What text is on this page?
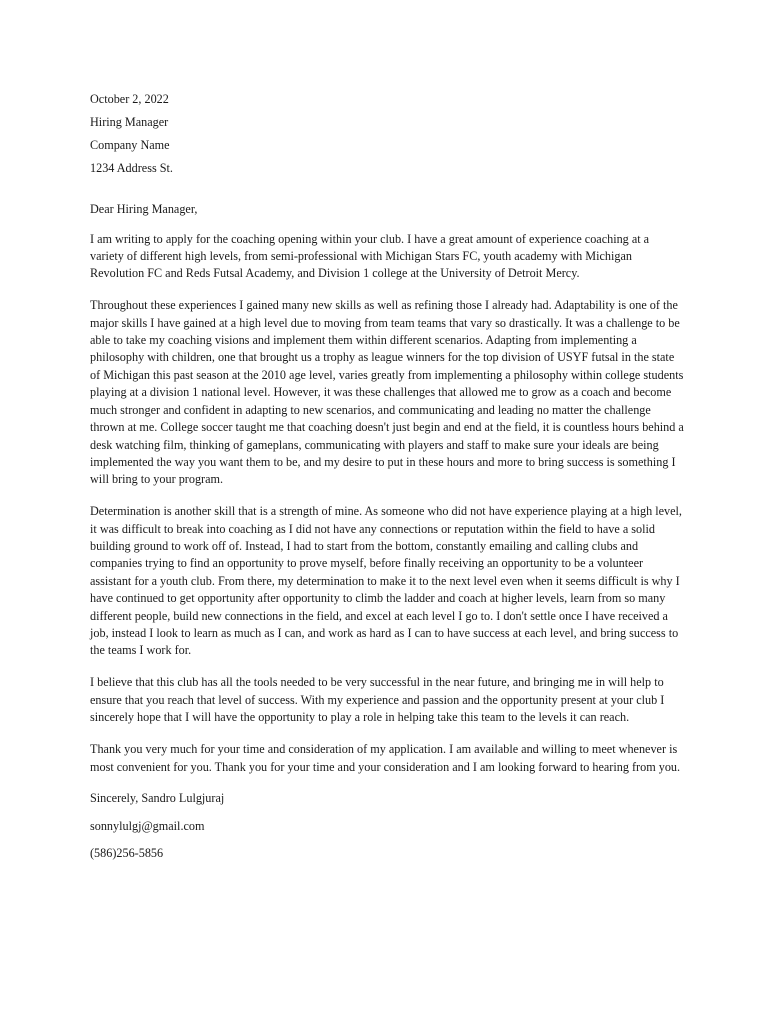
October 2, 2022
Hiring Manager
Company Name
1234 Address St.
Dear Hiring Manager,

I am writing to apply for the coaching opening within your club. I have a great amount of experience coaching at a variety of different high levels, from semi-professional with Michigan Stars FC, youth academy with Michigan Revolution FC and Reds Futsal Academy, and Division 1 college at the University of Detroit Mercy.

Throughout these experiences I gained many new skills as well as refining those I already had. Adaptability is one of the major skills I have gained at a high level due to moving from team teams that vary so drastically. It was a challenge to be able to take my coaching visions and implement them within different scenarios. Adapting from implementing a philosophy with children, one that brought us a trophy as league winners for the top division of USYF futsal in the state of Michigan this past season at the 2010 age level, varies greatly from implementing a philosophy within college students playing at a division 1 national level. However, it was these challenges that allowed me to grow as a coach and become much stronger and confident in adapting to new scenarios, and communicating and leading no matter the challenge thrown at me. College soccer taught me that coaching doesn't just begin and end at the field, it is countless hours behind a desk watching film, thinking of gameplans, communicating with players and staff to make sure your ideals are being implemented the way you want them to be, and my desire to put in these hours and more to bring success is something I will bring to your program.

Determination is another skill that is a strength of mine. As someone who did not have experience playing at a high level, it was difficult to break into coaching as I did not have any connections or reputation within the field to have a solid building ground to work off of. Instead, I had to start from the bottom, constantly emailing and calling clubs and companies trying to find an opportunity to prove myself, before finally receiving an opportunity to be a volunteer assistant for a youth club. From there, my determination to make it to the next level even when it seems difficult is why I have continued to get opportunity after opportunity to climb the ladder and coach at higher levels, learn from so many different people, build new connections in the field, and excel at each level I go to. I don't settle once I have received a job, instead I look to learn as much as I can, and work as hard as I can to have success at each level, and bring success to the teams I work for.

I believe that this club has all the tools needed to be very successful in the near future, and bringing me in will help to ensure that you reach that level of success. With my experience and passion and the opportunity present at your club I sincerely hope that I will have the opportunity to play a role in helping take this team to the levels it can reach.

Thank you very much for your time and consideration of my application. I am available and willing to meet whenever is most convenient for you. Thank you for your time and your consideration and I am looking forward to hearing from you.

Sincerely, Sandro Lulgjuraj

sonnylulgj@gmail.com

(586)256-5856
